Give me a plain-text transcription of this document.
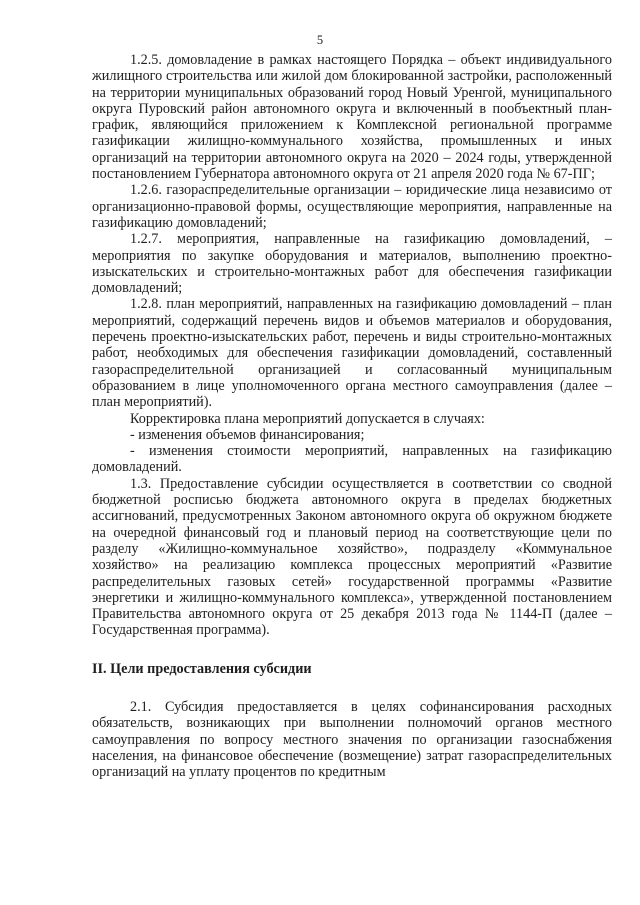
5

1.2.5. домовладение в рамках настоящего Порядка – объект индивидуального жилищного строительства или жилой дом блокированной застройки, расположенный на территории муниципальных образований город Новый Уренгой, муниципального округа Пуровский район автономного округа и включенный в пообъектный план-график, являющийся приложением к Комплексной региональной программе газификации жилищно-коммунального хозяйства, промышленных и иных организаций на территории автономного округа на 2020 – 2024 годы, утвержденной постановлением Губернатора автономного округа от 21 апреля 2020 года № 67-ПГ;

1.2.6. газораспределительные организации – юридические лица независимо от организационно-правовой формы, осуществляющие мероприятия, направленные на газификацию домовладений;

1.2.7. мероприятия, направленные на газификацию домовладений, – мероприятия по закупке оборудования и материалов, выполнению проектно-изыскательских и строительно-монтажных работ для обеспечения газификации домовладений;

1.2.8. план мероприятий, направленных на газификацию домовладений – план мероприятий, содержащий перечень видов и объемов материалов и оборудования, перечень проектно-изыскательских работ, перечень и виды строительно-монтажных работ, необходимых для обеспечения газификации домовладений, составленный газораспределительной организацией и согласованный муниципальным образованием в лице уполномоченного органа местного самоуправления (далее – план мероприятий).

Корректировка плана мероприятий допускается в случаях:

- изменения объемов финансирования;

- изменения стоимости мероприятий, направленных на газификацию домовладений.

1.3. Предоставление субсидии осуществляется в соответствии со сводной бюджетной росписью бюджета автономного округа в пределах бюджетных ассигнований, предусмотренных Законом автономного округа об окружном бюджете на очередной финансовый год и плановый период на соответствующие цели по разделу «Жилищно-коммунальное хозяйство», подразделу «Коммунальное хозяйство» на реализацию комплекса процессных мероприятий «Развитие распределительных газовых сетей» государственной программы «Развитие энергетики и жилищно-коммунального комплекса», утвержденной постановлением Правительства автономного округа от 25 декабря 2013 года № 1144-П (далее – Государственная программа).

II. Цели предоставления субсидии

2.1. Субсидия предоставляется в целях софинансирования расходных обязательств, возникающих при выполнении полномочий органов местного самоуправления по вопросу местного значения по организации газоснабжения населения, на финансовое обеспечение (возмещение) затрат газораспределительных организаций на уплату процентов по кредитным
